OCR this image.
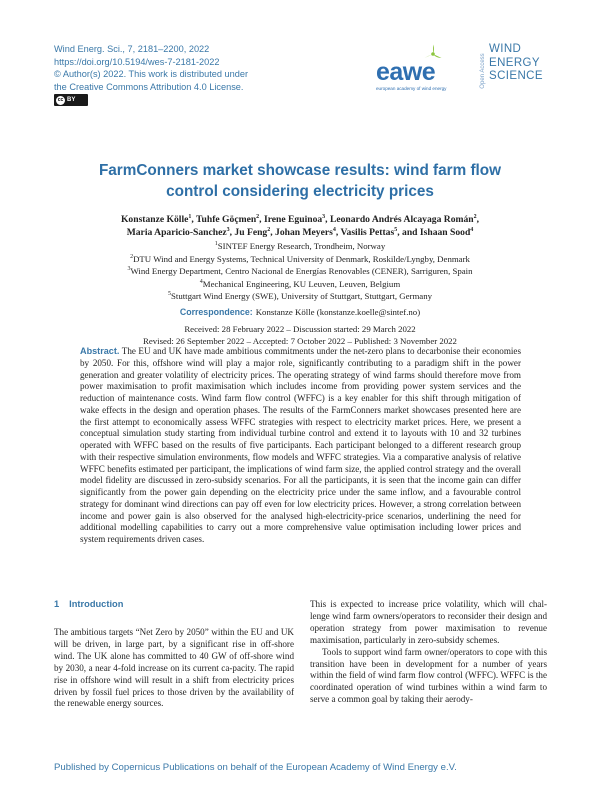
Wind Energ. Sci., 7, 2181–2200, 2022
https://doi.org/10.5194/wes-7-2181-2022
© Author(s) 2022. This work is distributed under
the Creative Commons Attribution 4.0 License.
cc BY
eawe
european academy of wind energy	Open Access
WIND
ENERGY
SCIENCE
FarmConners market showcase results: wind farm flow
control considering electricity prices
Konstanze Kölle$^1$, Tuhfe Göçmen$^2$, Irene Eguinoa$^3$, Leonardo Andrés Alcayaga Román$^2$,
Maria Aparicio-Sanchez$^3$, Ju Feng$^2$, Johan Meyers$^4$, Vasilis Pettas$^5$, and Ishaan Sood$^4$
$^1$SINTEF Energy Research, Trondheim, Norway
$^2$DTU Wind and Energy Systems, Technical University of Denmark, Roskilde/Lyngby, Denmark
$^3$Wind Energy Department, Centro Nacional de Energías Renovables (CENER), Sarriguren, Spain
$^4$Mechanical Engineering, KU Leuven, Leuven, Belgium
$^5$Stuttgart Wind Energy (SWE), University of Stuttgart, Stuttgart, Germany
Correspondence: Konstanze Kölle (konstanze.koelle@sintef.no)
Received: 28 February 2022 – Discussion started: 29 March 2022
Revised: 26 September 2022 – Accepted: 7 October 2022 – Published: 3 November 2022
Abstract. The EU and UK have made ambitious commitments under the net-zero plans to decarbonise their economies by 2050. For this, offshore wind will play a major role, significantly contributing to a paradigm shift in the power generation and greater volatility of electricity prices. The operating strategy of wind farms should therefore move from power maximisation to profit maximisation which includes income from providing power system services and the reduction of maintenance costs. Wind farm flow control (WFFC) is a key enabler for this shift through mitigation of wake effects in the design and operation phases. The results of the FarmConners market showcases presented here are the first attempt to economically assess WFFC strategies with respect to electricity market prices. Here, we present a conceptual simulation study starting from individual turbine control and extend it to layouts with 10 and 32 turbines operated with WFFC based on the results of five participants. Each participant belonged to a different research group with their respective simulation environments, flow models and WFFC strategies. Via a comparative analysis of relative WFFC benefits estimated per participant, the implications of wind farm size, the applied control strategy and the overall model fidelity are discussed in zero-subsidy scenarios. For all the participants, it is seen that the income gain can differ significantly from the power gain depending on the electricity price under the same inflow, and a favourable control strategy for dominant wind directions can pay off even for low electricity prices. However, a strong correlation between income and power gain is also observed for the analysed high-electricity-price scenarios, underlining the need for additional modelling capabilities to carry out a more comprehensive value optimisation including lower prices and system requirements driven cases.
1 Introduction

The ambitious targets “Net Zero by 2050” within the EU and UK will be driven, in large part, by a significant rise in off-shore wind. The UK alone has committed to 40 GW of off-shore wind by 2030, a near 4-fold increase on its current ca-pacity. The rapid rise in offshore wind will result in a shift from electricity prices driven by fossil fuel prices to those driven by the availability of the renewable energy sources.

This is expected to increase price volatility, which will chal-lenge wind farm owners/operators to reconsider their design and operation strategy from power maximisation to revenue maximisation, particularly in zero-subsidy schemes.

Tools to support wind farm owner/operators to cope with this transition have been in development for a number of years within the field of wind farm flow control (WFFC). WFFC is the coordinated operation of wind turbines within a wind farm to serve a common goal by taking their aerody-

Published by Copernicus Publications on behalf of the European Academy of Wind Energy e.V.
